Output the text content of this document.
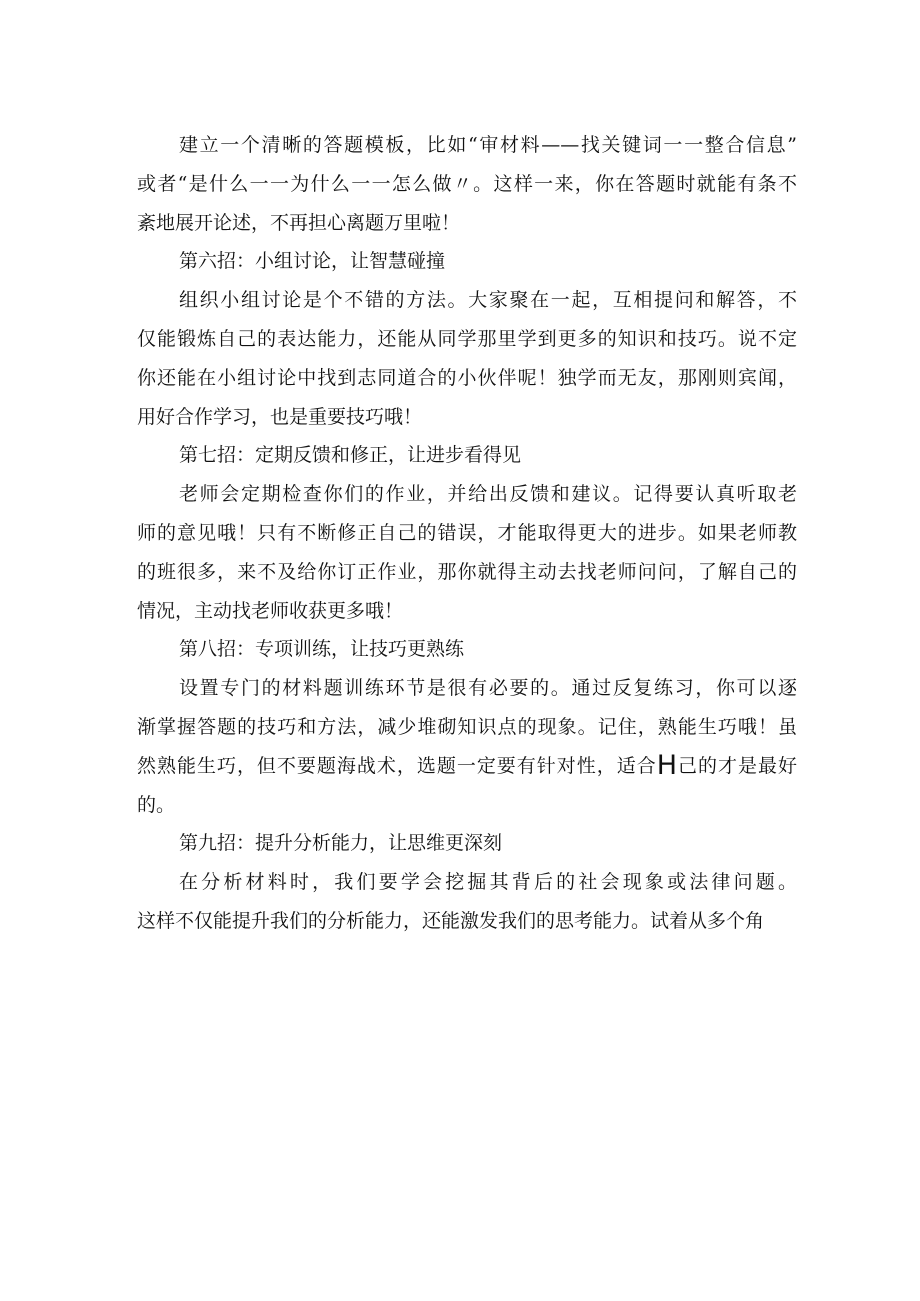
建立一个清晰的答题模板，比如“审材料——找关键词一一整合信息”
或者“是什么一一为什么一一怎么做〃。这样一来，你在答题时就能有条不
紊地展开论述，不再担心离题万里啦！
第六招：小组讨论，让智慧碰撞
组织小组讨论是个不错的方法。大家聚在一起，互相提问和解答，不
仅能锻炼自己的表达能力，还能从同学那里学到更多的知识和技巧。说不定
你还能在小组讨论中找到志同道合的小伙伴呢！独学而无友，那刚则宾闻，
用好合作学习，也是重要技巧哦！
第七招：定期反馈和修正，让进步看得见
老师会定期检查你们的作业，并给出反馈和建议。记得要认真听取老
师的意见哦！只有不断修正自己的错误，才能取得更大的进步。如果老师教
的班很多，来不及给你订正作业，那你就得主动去找老师问问，了解自己的
情况，主动找老师收获更多哦！
第八招：专项训练，让技巧更熟练
设置专门的材料题训练环节是很有必要的。通过反复练习，你可以逐
渐掌握答题的技巧和方法，减少堆砌知识点的现象。记住，熟能生巧哦！虽
然熟能生巧，但不要题海战术，选题一定要有针对性，适合H己的才是最好
的。
第九招：提升分析能力，让思维更深刻
在分析材料时，我们要学会挖掘其背后的社会现象或法律问题。
这样不仅能提升我们的分析能力，还能激发我们的思考能力。试着从多个角
